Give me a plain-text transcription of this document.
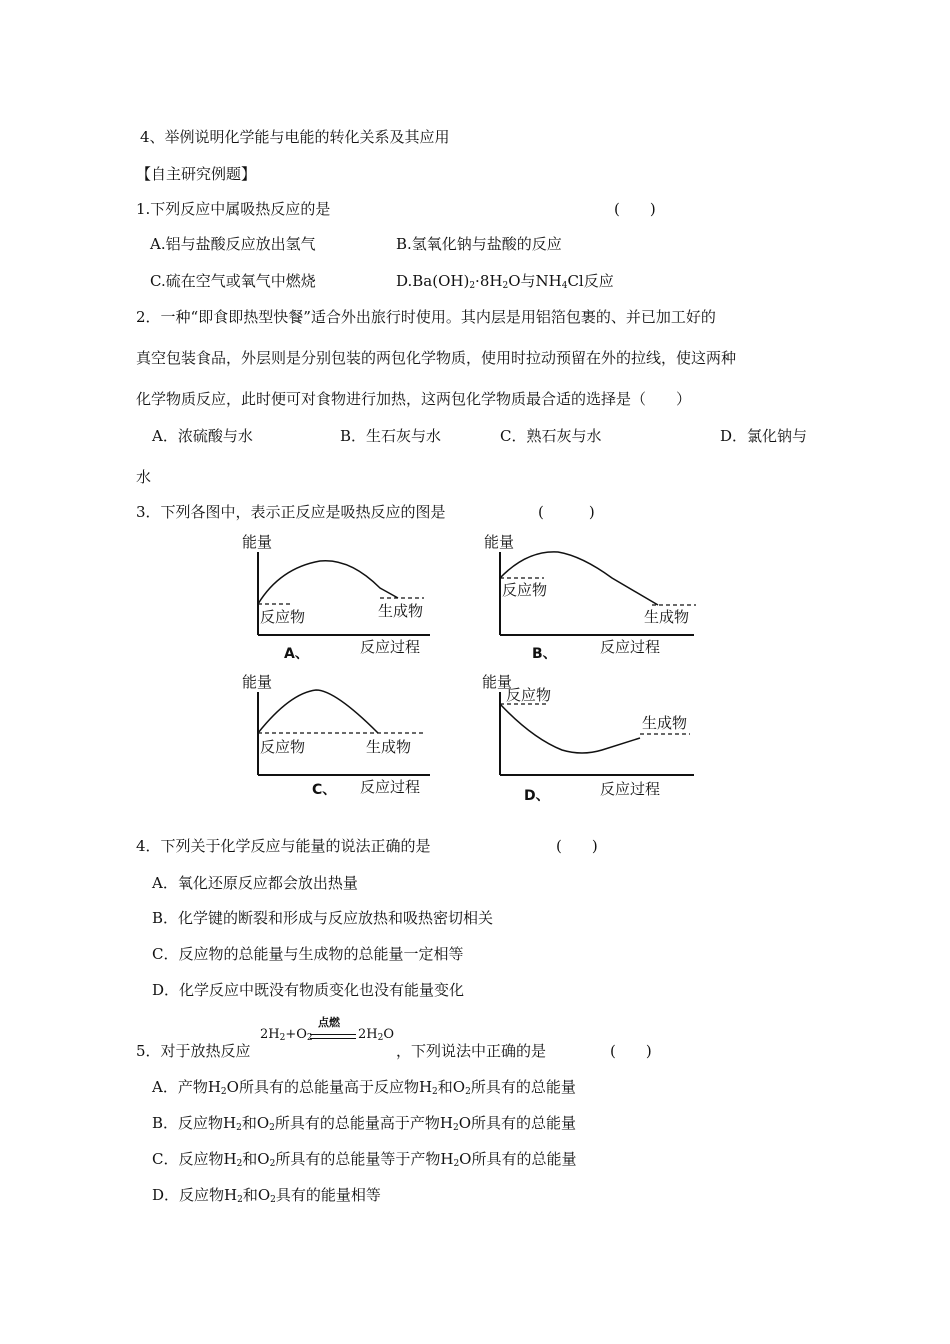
4、举例说明化学能与电能的转化关系及其应用
【自主研究例题】
1.下列反应中属吸热反应的是	(　　)
A.铝与盐酸反应放出氢气	B.氢氧化钠与盐酸的反应
C.硫在空气或氧气中燃烧	$D.Ba(OH)_2\cdot 8H_2O$与$NH_4Cl$反应
2．一种“即食即热型快餐”适合外出旅行时使用。其内层是用铝箔包裹的、并已加工好的
真空包装食品，外层则是分别包装的两包化学物质，使用时拉动预留在外的拉线，使这两种
化学物质反应，此时便可对食物进行加热，这两包化学物质最合适的选择是（　　）
A．浓硫酸与水	B．生石灰与水	C．熟石灰与水	D．氯化钠与
水
3．下列各图中，表示正反应是吸热反应的图是	(　　　)
能量
反应物	生成物
反应过程
A、
能量
反应物
生成物
反应过程
B、
能量
反应物	生成物
反应过程
C、
能量
反应物
生成物
反应过程
D、
4．下列关于化学反应与能量的说法正确的是	(　　)
A．氧化还原反应都会放出热量
B．化学键的断裂和形成与反应放热和吸热密切相关
C．反应物的总能量与生成物的总能量一定相等
D．化学反应中既没有物质变化也没有能量变化
5．对于放热反应
点燃
$2H_2+O_2$	$2H_2O$
，下列说法中正确的是	(　　)
A．产物$H_2O$所具有的总能量高于反应物$H_2$和$O_2$所具有的总能量
B．反应物$H_2$和$O_2$所具有的总能量高于产物$H_2O$所具有的总能量
C．反应物$H_2$和$O_2$所具有的总能量等于产物$H_2O$所具有的总能量
D．反应物$H_2$和$O_2$具有的能量相等
